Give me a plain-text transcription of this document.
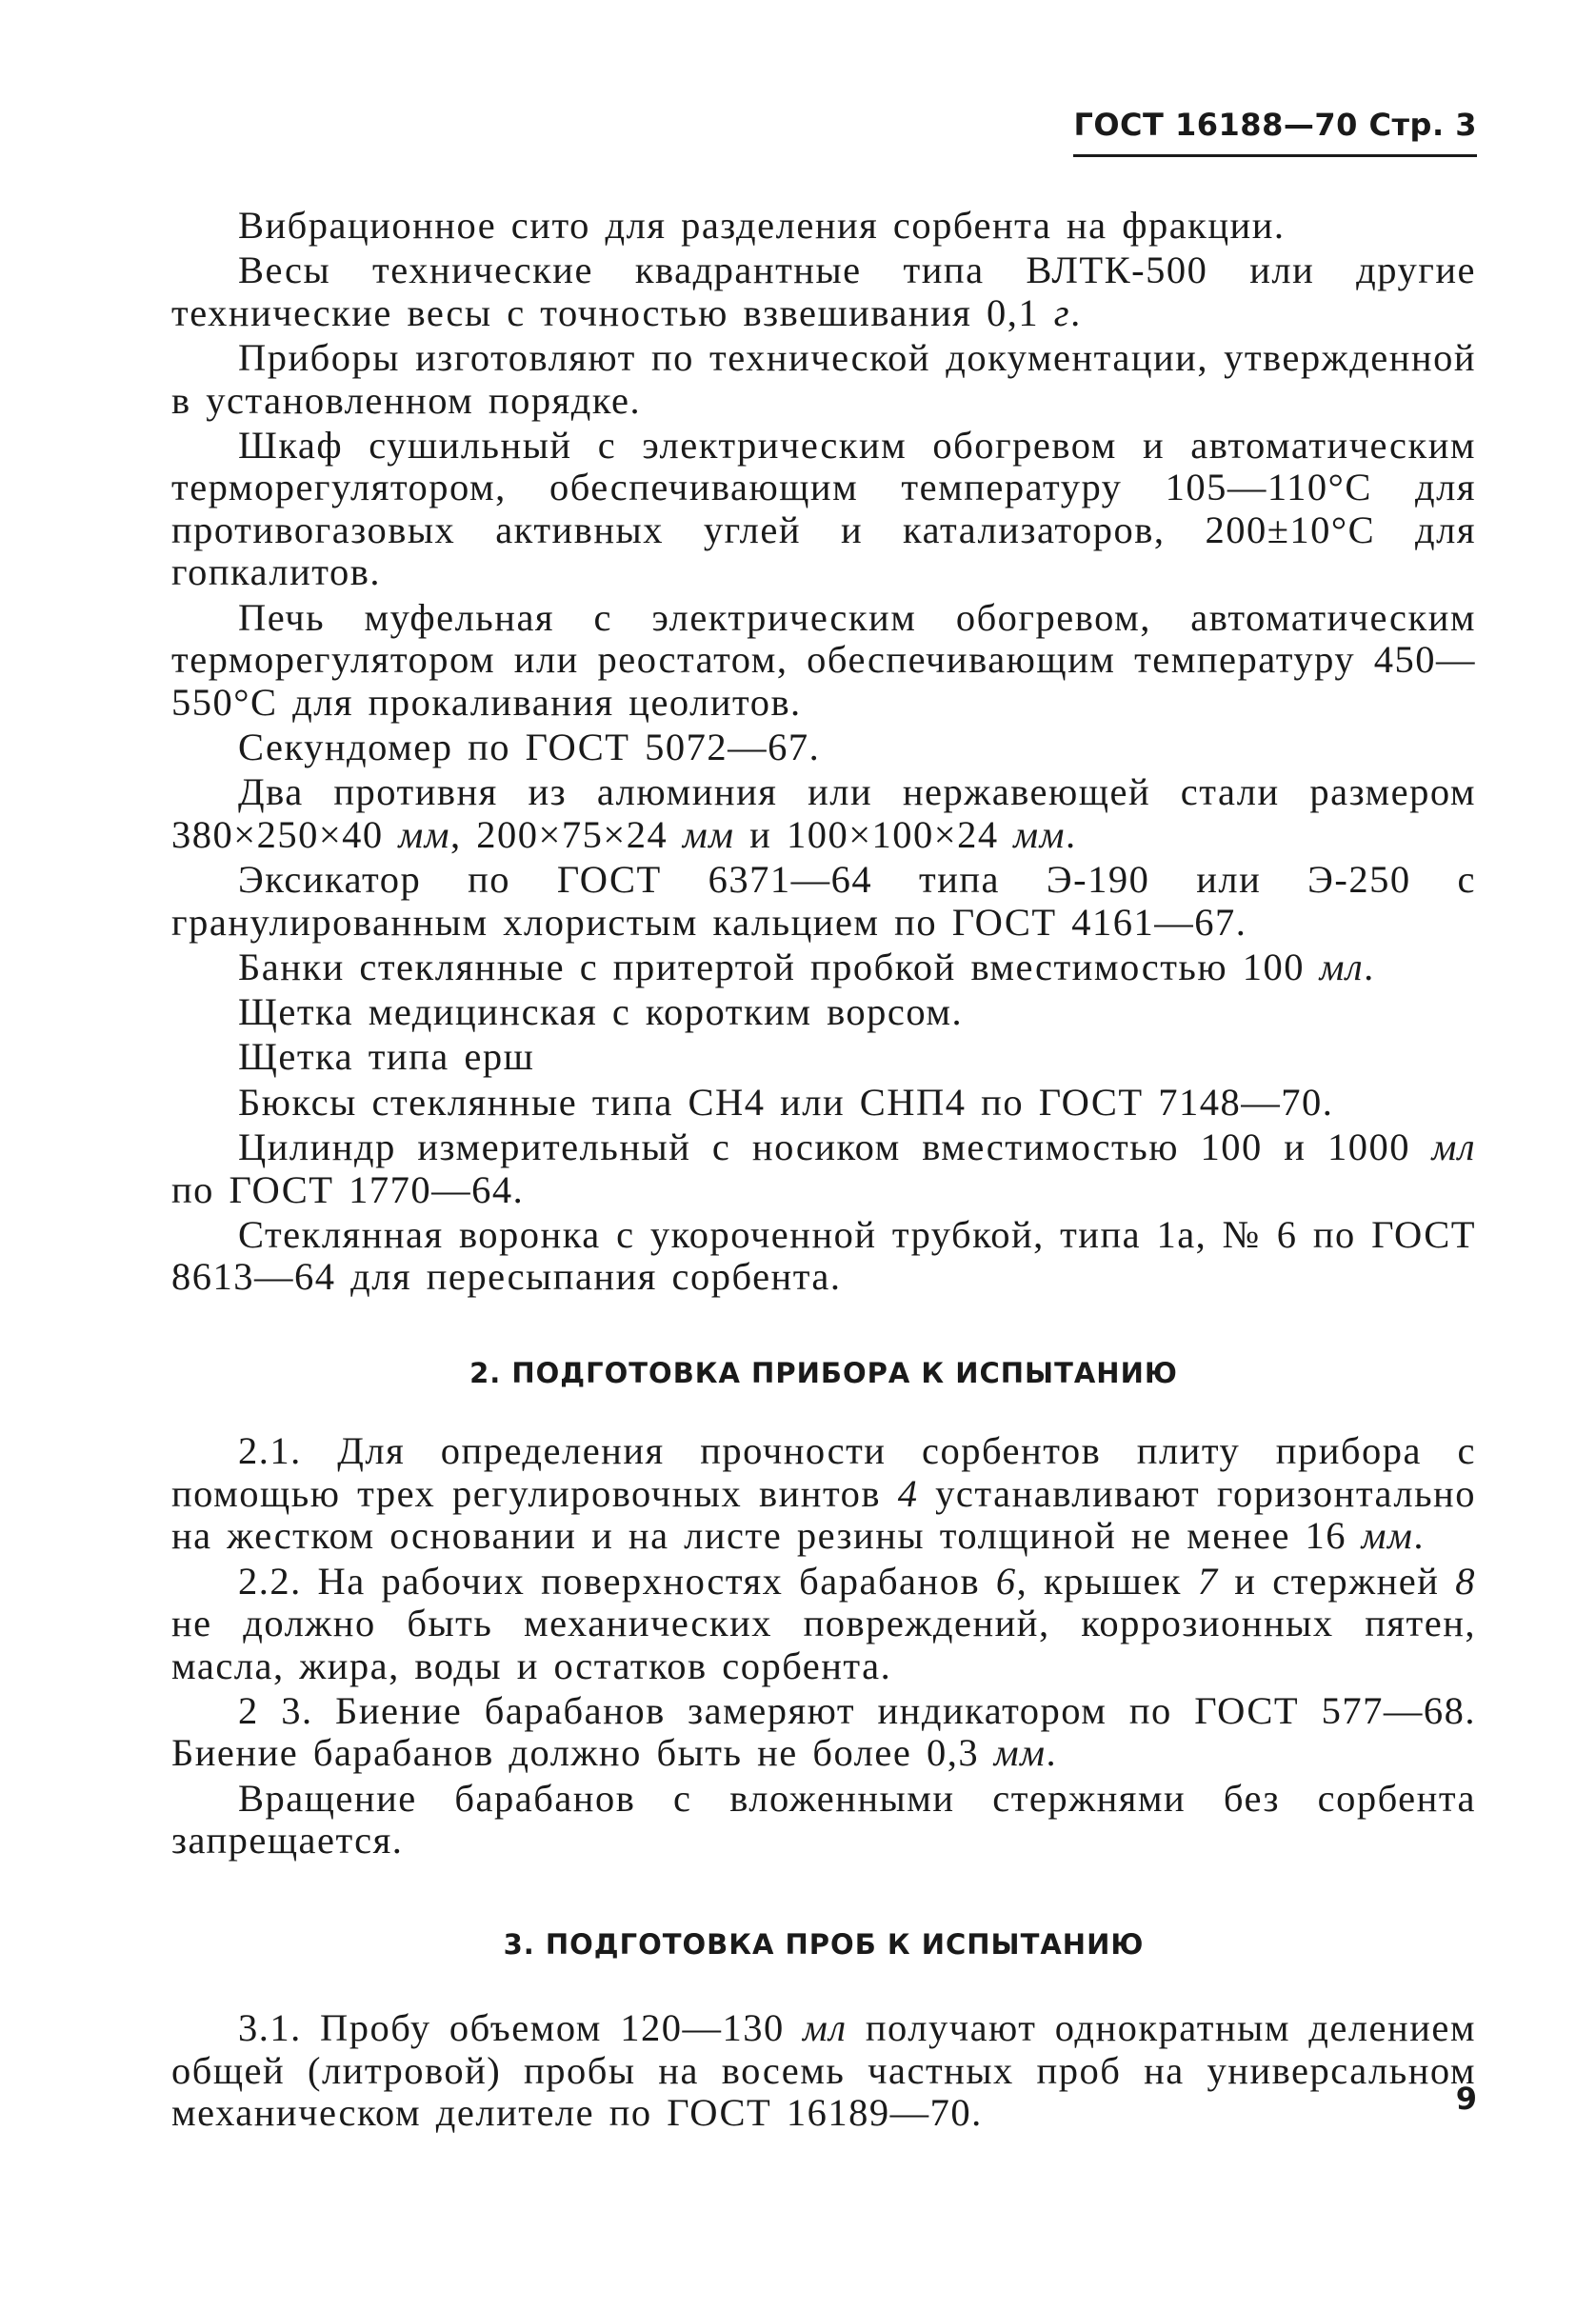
ГОСТ 16188—70 Стр. 3

Вибрационное сито для разделения сорбента на фракции.

Весы технические квадрантные типа ВЛТК-500 или другие технические весы с точностью взвешивания 0,1 г.

Приборы изготовляют по технической документации, утвержденной в установленном порядке.

Шкаф сушильный с электрическим обогревом и автоматическим терморегулятором, обеспечивающим температуру 105—110°С для противогазовых активных углей и катализаторов, 200±10°С для гопкалитов.

Печь муфельная с электрическим обогревом, автоматическим терморегулятором или реостатом, обеспечивающим температуру 450—550°С для прокаливания цеолитов.

Секундомер по ГОСТ 5072—67.

Два противня из алюминия или нержавеющей стали размером 380×250×40 мм, 200×75×24 мм и 100×100×24 мм.

Эксикатор по ГОСТ 6371—64 типа Э-190 или Э-250 с гранулированным хлористым кальцием по ГОСТ 4161—67.

Банки стеклянные с притертой пробкой вместимостью 100 мл.

Щетка медицинская с коротким ворсом.

Щетка типа ерш

Бюксы стеклянные типа СН4 или СНП4 по ГОСТ 7148—70.

Цилиндр измерительный с носиком вместимостью 100 и 1000 мл по ГОСТ 1770—64.

Стеклянная воронка с укороченной трубкой, типа 1а, № 6 по ГОСТ 8613—64 для пересыпания сорбента.

2. ПОДГОТОВКА ПРИБОРА К ИСПЫТАНИЮ

2.1. Для определения прочности сорбентов плиту прибора с помощью трех регулировочных винтов 4 устанавливают горизонтально на жестком основании и на листе резины толщиной не менее 16 мм.

2.2. На рабочих поверхностях барабанов 6, крышек 7 и стержней 8 не должно быть механических повреждений, коррозионных пятен, масла, жира, воды и остатков сорбента.

2 3. Биение барабанов замеряют индикатором по ГОСТ 577—68. Биение барабанов должно быть не более 0,3 мм.

Вращение барабанов с вложенными стержнями без сорбента запрещается.

3. ПОДГОТОВКА ПРОБ К ИСПЫТАНИЮ

3.1. Пробу объемом 120—130 мл получают однократным делением общей (литровой) пробы на восемь частных проб на универсальном механическом делителе по ГОСТ 16189—70.	9
